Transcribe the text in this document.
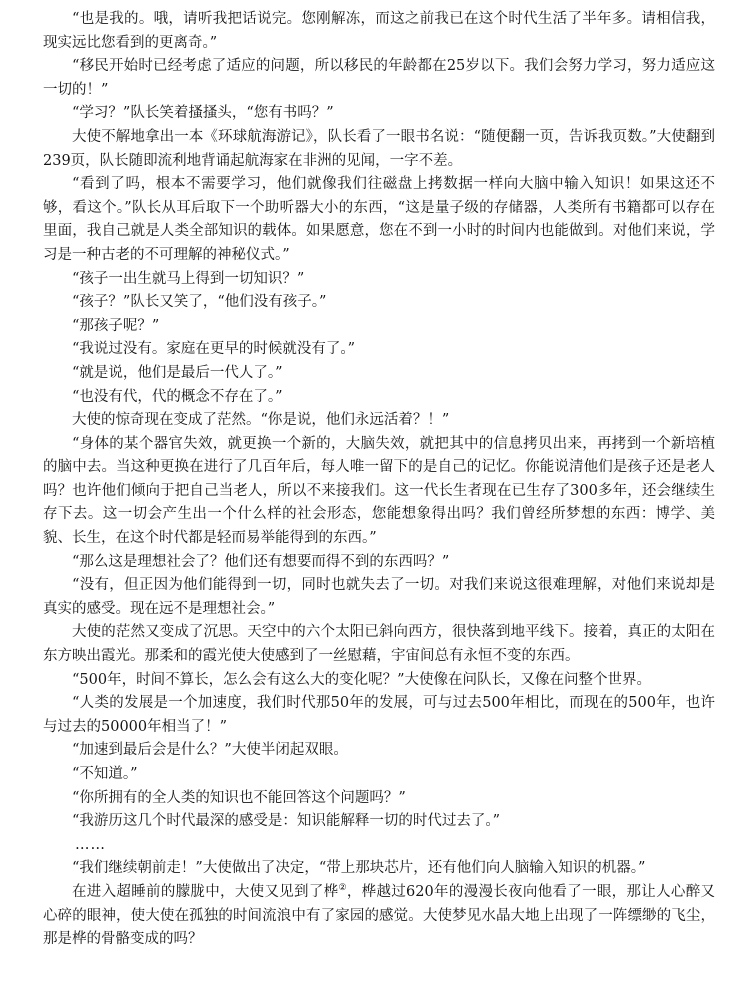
“也是我的。哦，请听我把话说完。您刚解冻，而这之前我已在这个时代生活了半年多。请相信我，现实远比您看到的更离奇。”

“移民开始时已经考虑了适应的问题，所以移民的年龄都在25岁以下。我们会努力学习，努力适应这一切的！”

“学习？”队长笑着搔搔头，“您有书吗？”

大使不解地拿出一本《环球航海游记》，队长看了一眼书名说：“随便翻一页，告诉我页数。”大使翻到239页，队长随即流利地背诵起航海家在非洲的见闻，一字不差。

“看到了吗，根本不需要学习，他们就像我们往磁盘上拷数据一样向大脑中输入知识！如果这还不够，看这个。”队长从耳后取下一个助听器大小的东西，“这是量子级的存储器，人类所有书籍都可以存在里面，我自己就是人类全部知识的载体。如果愿意，您在不到一小时的时间内也能做到。对他们来说，学习是一种古老的不可理解的神秘仪式。”

“孩子一出生就马上得到一切知识？”

“孩子？”队长又笑了，“他们没有孩子。”

“那孩子呢？”

“我说过没有。家庭在更早的时候就没有了。”

“就是说，他们是最后一代人了。”

“也没有代，代的概念不存在了。”

大使的惊奇现在变成了茫然。“你是说，他们永远活着？！”

“身体的某个器官失效，就更换一个新的，大脑失效，就把其中的信息拷贝出来，再拷到一个新培植的脑中去。当这种更换在进行了几百年后，每人唯一留下的是自己的记忆。你能说清他们是孩子还是老人吗？也许他们倾向于把自己当老人，所以不来接我们。这一代长生者现在已生存了300多年，还会继续生存下去。这一切会产生出一个什么样的社会形态，您能想象得出吗？我们曾经所梦想的东西：博学、美貌、长生，在这个时代都是轻而易举能得到的东西。”

“那么这是理想社会了？他们还有想要而得不到的东西吗？”

“没有，但正因为他们能得到一切，同时也就失去了一切。对我们来说这很难理解，对他们来说却是真实的感受。现在远不是理想社会。”

大使的茫然又变成了沉思。天空中的六个太阳已斜向西方，很快落到地平线下。接着，真正的太阳在东方映出霞光。那柔和的霞光使大使感到了一丝慰藉，宇宙间总有永恒不变的东西。

“500年，时间不算长，怎么会有这么大的变化呢？”大使像在问队长，又像在问整个世界。

“人类的发展是一个加速度，我们时代那50年的发展，可与过去500年相比，而现在的500年，也许与过去的50000年相当了！”

“加速到最后会是什么？”大使半闭起双眼。

“不知道。”

“你所拥有的全人类的知识也不能回答这个问题吗？”

“我游历这几个时代最深的感受是：知识能解释一切的时代过去了。”

……

“我们继续朝前走！”大使做出了决定，“带上那块芯片，还有他们向人脑输入知识的机器。”

在进入超睡前的朦胧中，大使又见到了桦②，桦越过620年的漫漫长夜向他看了一眼，那让人心醉又心碎的眼神，使大使在孤独的时间流浪中有了家园的感觉。大使梦见水晶大地上出现了一阵缥缈的飞尘，那是桦的骨骼变成的吗？
